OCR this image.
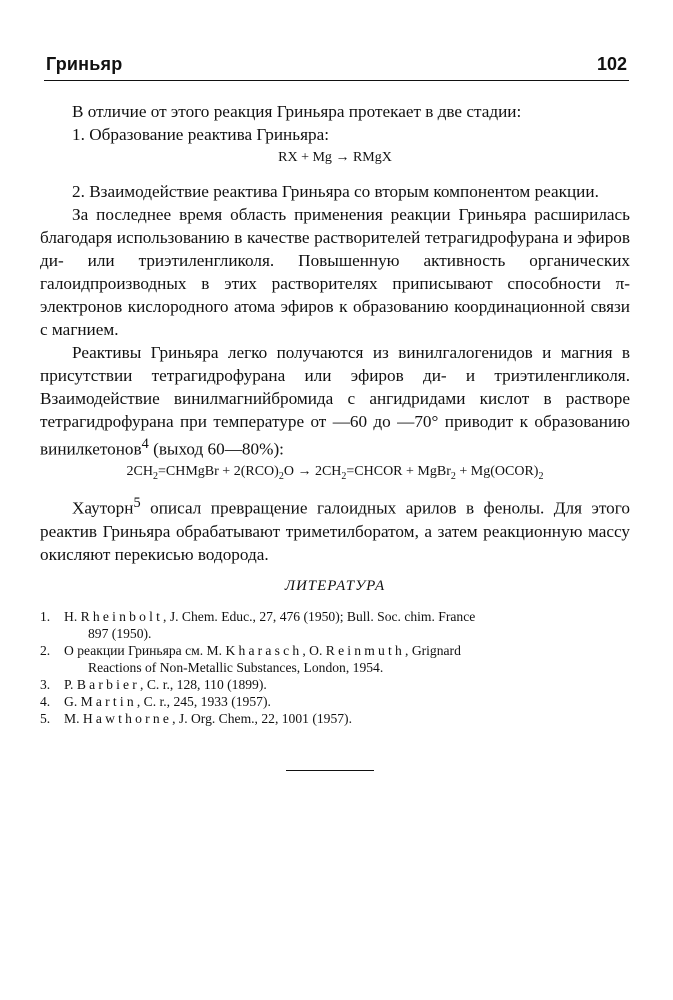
Гриньяр	102

В отличие от этого реакция Гриньяра протекает в две стадии:

1. Образование реактива Гриньяра:

RX + Mg → RMgX

2. Взаимодействие реактива Гриньяра со вторым компонентом реакции.

За последнее время область применения реакции Гриньяра расширилась благодаря использованию в качестве растворителей тетрагидрофурана и эфиров ди- или триэтиленгликоля. Повышенную активность органических галоидпроизводных в этих растворителях приписывают способности π-электронов кислородного атома эфиров к образованию координационной связи с магнием.

Реактивы Гриньяра легко получаются из винилгалогенидов и магния в присутствии тетрагидрофурана или эфиров ди- и триэтиленгликоля. Взаимодействие винилмагнийбромида с ангидридами кислот в растворе тетрагидрофурана при температуре от —60 до —70° приводит к образованию винилкетонов$^4$ (выход 60—80%):

$2CH_2=CHMgBr + 2(RCO)_2O$ → $2CH_2=CHCOR$ + MgBr$_2$ + $Mg(OCOR)_2$

Хауторн$^5$ описал превращение галоидных арилов в фенолы. Для этого реактив Гриньяра обрабатывают триметилборатом, а затем реакционную массу окисляют перекисью водорода.

ЛИТЕРАТУРА

1. H. Rheinbolt, J. Chem. Educ., 27, 476 (1950); Bull. Soc. chim. France
897 (1950).

2. О реакции Гриньяра см. M. Kharasch, O. Reinmuth, Grignard
Reactions of Non-Metallic Substances, London, 1954.

3. P. Barbier, C. r., 128, 110 (1899).

4. G. Martin, C. r., 245, 1933 (1957).

5. M. Hawthorne, J. Org. Chem., 22, 1001 (1957).
